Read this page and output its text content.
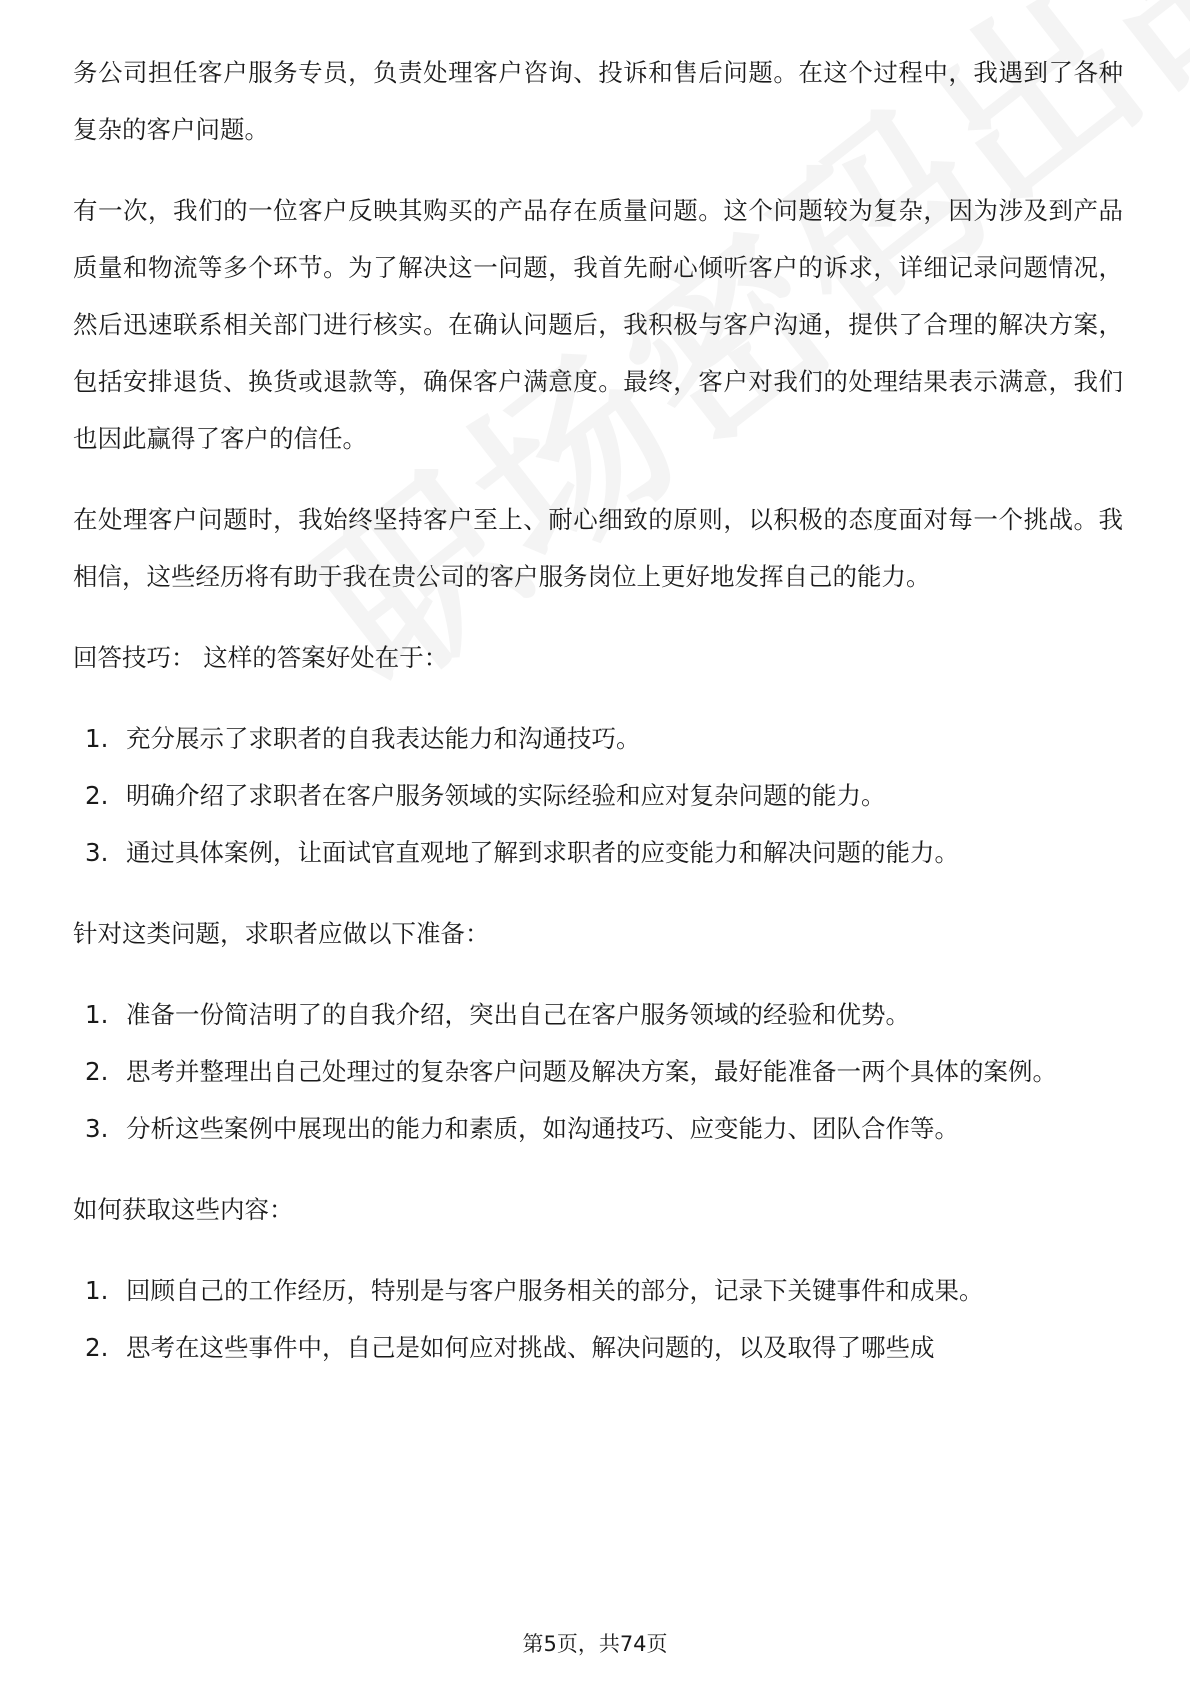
务公司担任客户服务专员，负责处理客户咨询、投诉和售后问题。在这个过程中，我遇到了各种复杂的客户问题。

有一次，我们的一位客户反映其购买的产品存在质量问题。这个问题较为复杂，因为涉及到产品质量和物流等多个环节。为了解决这一问题，我首先耐心倾听客户的诉求，详细记录问题情况，然后迅速联系相关部门进行核实。在确认问题后，我积极与客户沟通，提供了合理的解决方案，包括安排退货、换货或退款等，确保客户满意度。最终，客户对我们的处理结果表示满意，我们也因此赢得了客户的信任。

在处理客户问题时，我始终坚持客户至上、耐心细致的原则，以积极的态度面对每一个挑战。我相信，这些经历将有助于我在贵公司的客户服务岗位上更好地发挥自己的能力。

回答技巧： 这样的答案好处在于：

1. 充分展示了求职者的自我表达能力和沟通技巧。
2. 明确介绍了求职者在客户服务领域的实际经验和应对复杂问题的能力。
3. 通过具体案例，让面试官直观地了解到求职者的应变能力和解决问题的能力。

针对这类问题，求职者应做以下准备：

1. 准备一份简洁明了的自我介绍，突出自己在客户服务领域的经验和优势。
2. 思考并整理出自己处理过的复杂客户问题及解决方案，最好能准备一两个具体的案例。
3. 分析这些案例中展现出的能力和素质，如沟通技巧、应变能力、团队合作等。

如何获取这些内容：

1. 回顾自己的工作经历，特别是与客户服务相关的部分，记录下关键事件和成果。
2. 思考在这些事件中，自己是如何应对挑战、解决问题的，以及取得了哪些成
第5页，共74页
